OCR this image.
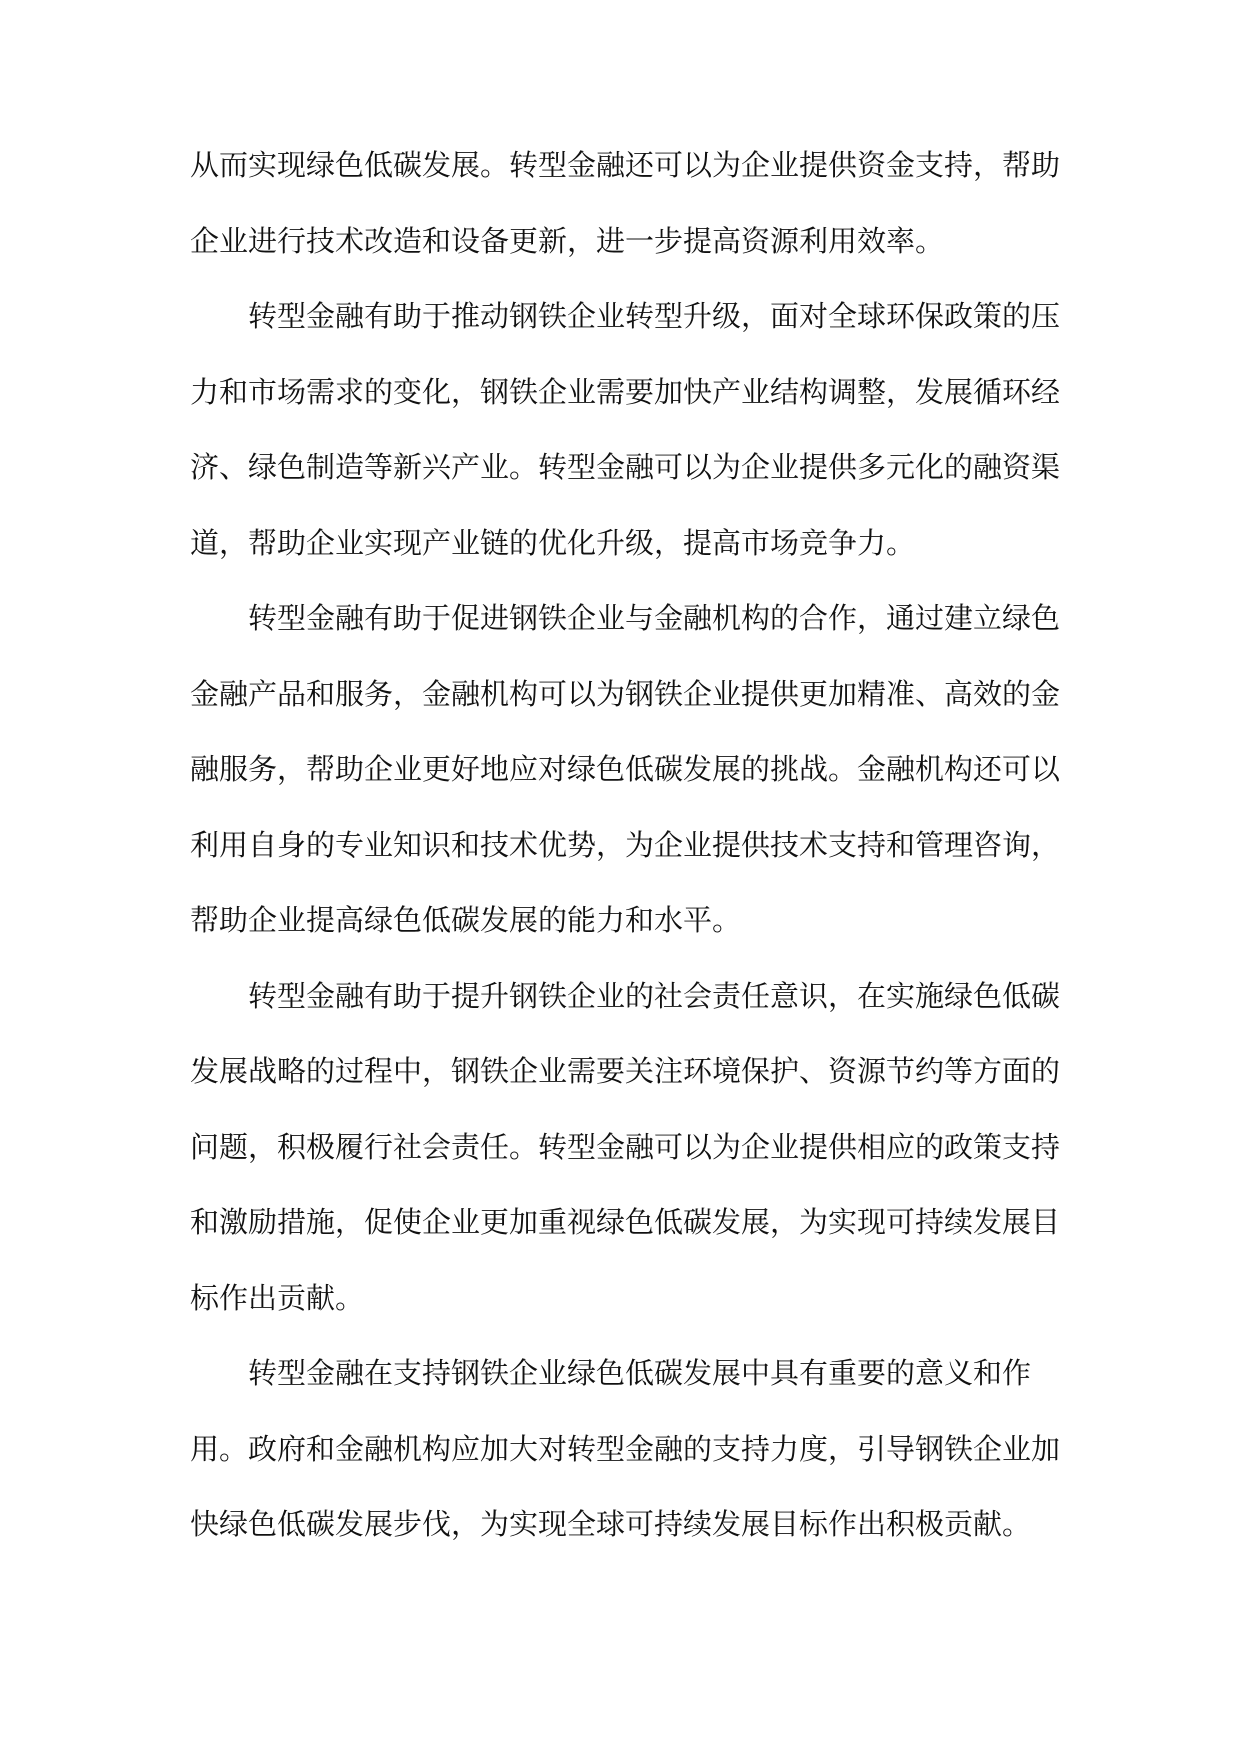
从而实现绿色低碳发展。转型金融还可以为企业提供资金支持，帮助
企业进行技术改造和设备更新，进一步提高资源利用效率。
转型金融有助于推动钢铁企业转型升级，面对全球环保政策的压
力和市场需求的变化，钢铁企业需要加快产业结构调整，发展循环经
济、绿色制造等新兴产业。转型金融可以为企业提供多元化的融资渠
道，帮助企业实现产业链的优化升级，提高市场竞争力。
转型金融有助于促进钢铁企业与金融机构的合作，通过建立绿色
金融产品和服务，金融机构可以为钢铁企业提供更加精准、高效的金
融服务，帮助企业更好地应对绿色低碳发展的挑战。金融机构还可以
利用自身的专业知识和技术优势，为企业提供技术支持和管理咨询，
帮助企业提高绿色低碳发展的能力和水平。
转型金融有助于提升钢铁企业的社会责任意识，在实施绿色低碳
发展战略的过程中，钢铁企业需要关注环境保护、资源节约等方面的
问题，积极履行社会责任。转型金融可以为企业提供相应的政策支持
和激励措施，促使企业更加重视绿色低碳发展，为实现可持续发展目
标作出贡献。
转型金融在支持钢铁企业绿色低碳发展中具有重要的意义和作
用。政府和金融机构应加大对转型金融的支持力度，引导钢铁企业加
快绿色低碳发展步伐，为实现全球可持续发展目标作出积极贡献。
